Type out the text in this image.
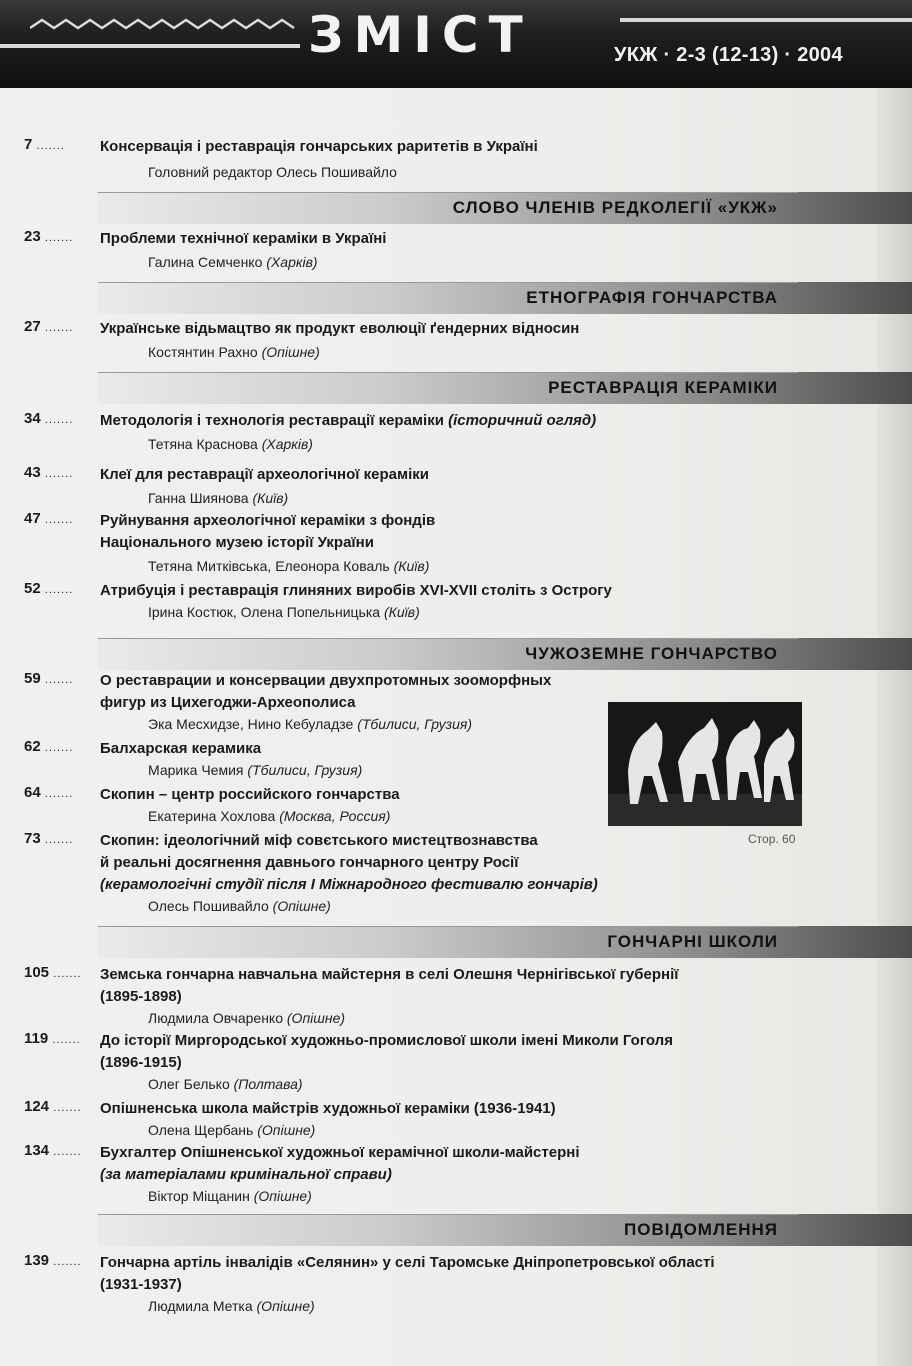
ЗМІСТ	УКЖ · 2-3 (12-13) · 2004
7 .......	Консервація і реставрація гончарських раритетів в Україні
Головний редактор Олесь Пошивайло
СЛОВО ЧЛЕНІВ РЕДКОЛЕГІЇ «УКЖ»
23 .......	Проблеми технічної кераміки в Україні
Галина Семченко (Харків)
ЕТНОГРАФІЯ ГОНЧАРСТВА
27 .......	Українське відьмацтво як продукт еволюції ґендерних відносин
Костянтин Рахно (Опішне)
РЕСТАВРАЦІЯ КЕРАМІКИ
34 .......	Методологія і технологія реставрації кераміки (історичний огляд)
Тетяна Краснова (Харків)
43 .......	Клеї для реставрації археологічної кераміки
Ганна Шиянова (Київ)
47 .......	Руйнування археологічної кераміки з фондів
Національного музею історії України
Тетяна Митківська, Елеонора Коваль (Київ)
52 .......	Атрибуція і реставрація глиняних виробів XVI-XVII століть з Острогу
Ірина Костюк, Олена Попельницька (Київ)
ЧУЖОЗЕМНЕ ГОНЧАРСТВО
59 .......	О реставрации и консервации двухпротомных зооморфных
фигур из Цихегоджи-Археополиса
Эка Месхидзе, Нино Кебуладзе (Тбилиси, Грузия)
62 .......	Балхарская керамика
Марика Чемия (Тбилиси, Грузия)
64 .......	Скопин – центр российского гончарства
Екатерина Хохлова (Москва, Россия)
73 .......	Скопин: ідеологічний міф совєтського мистецтвознавства
й реальні досягнення давнього гончарного центру Росії
(керамологічні студії після І Міжнародного фестивалю гончарів)
Олесь Пошивайло (Опішне)
ГОНЧАРНІ ШКОЛИ
105 .......	Земська гончарна навчальна майстерня в селі Олешня Чернігівської губернії
(1895-1898)
Людмила Овчаренко (Опішне)
119 .......	До історії Миргородської художньо-промислової школи імені Миколи Гоголя
(1896-1915)
Олег Белько (Полтава)
124 .......	Опішненська школа майстрів художньої кераміки (1936-1941)
Олена Щербань (Опішне)
134 .......	Бухгалтер Опішненської художньої керамічної школи-майстерні
(за матеріалами кримінальної справи)
Віктор Міщанин (Опішне)
ПОВІДОМЛЕННЯ
139 .......	Гончарна артіль інвалідів «Селянин» у селі Таромське Дніпропетровської області
(1931-1937)
Людмила Метка (Опішне)
Стор. 60
